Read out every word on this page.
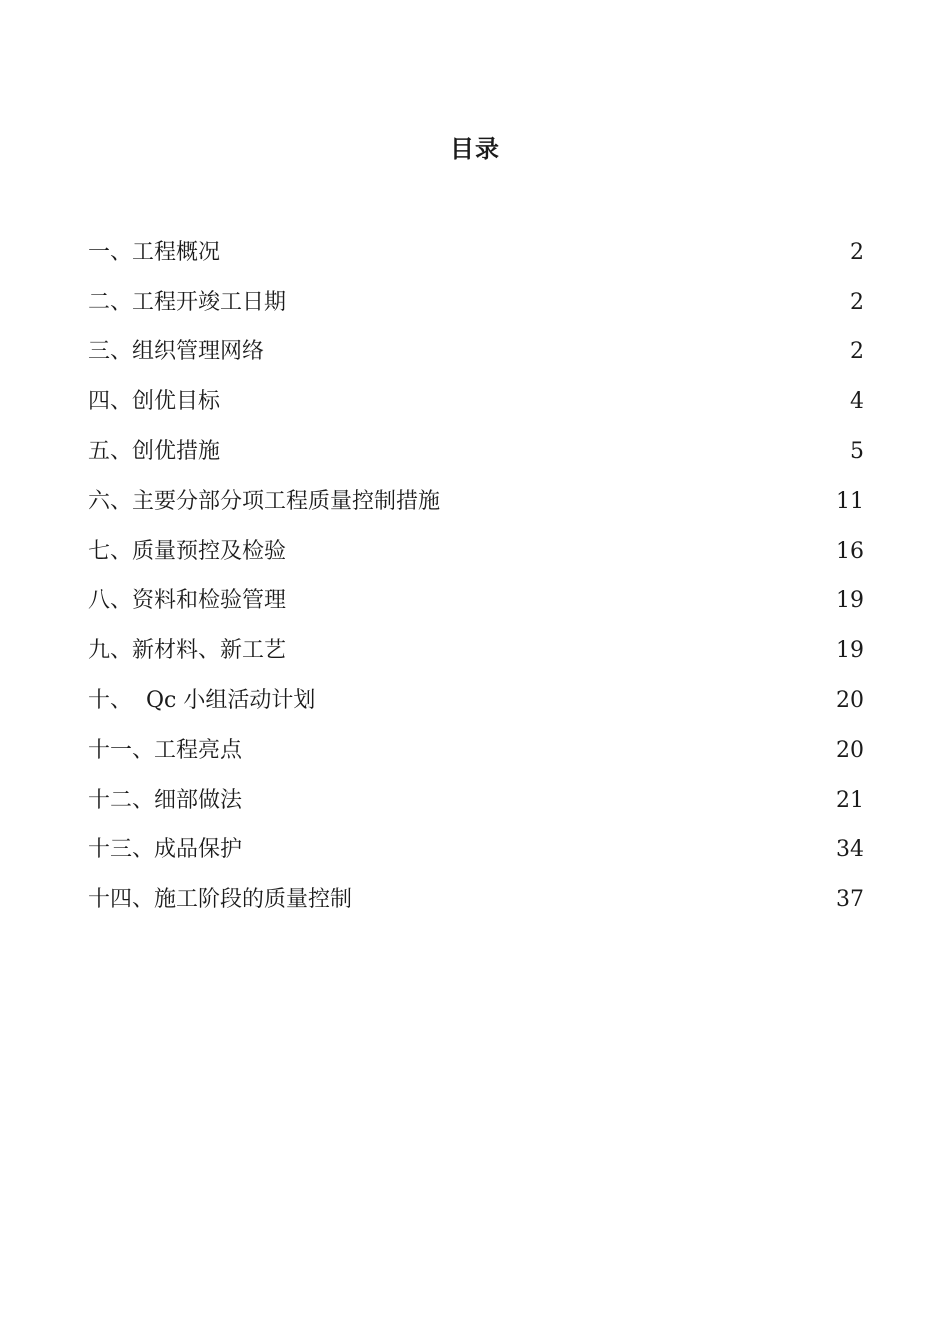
目录
一、工程概况	2
二、工程开竣工日期	2
三、组织管理网络	2
四、创优目标	4
五、创优措施	5
六、主要分部分项工程质量控制措施	11
七、质量预控及检验	16
八、资料和检验管理	19
九、新材料、新工艺	19
十、  Qc 小组活动计划	20
十一、工程亮点	20
十二、细部做法	21
十三、成品保护	34
十四、施工阶段的质量控制	37
